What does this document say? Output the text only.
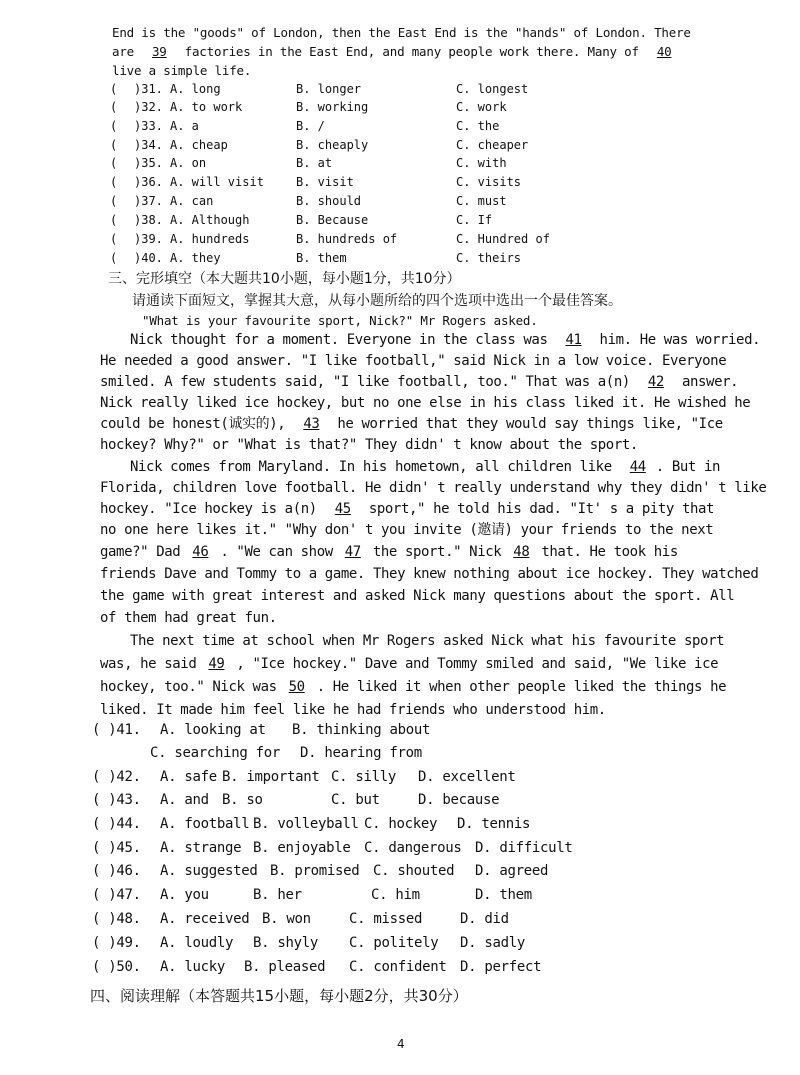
End is the "goods" of London, then the East End is the "hands" of London. There
are 39 factories in the East End, and many people work there. Many of 40
live a simple life.
( )31. A. long	B. longer	C. longest
( )32. A. to work	B. working	C. work
( )33. A. a	B. /	C. the
( )34. A. cheap	B. cheaply	C. cheaper
( )35. A. on	B. at	C. with
( )36. A. will visit	B. visit	C. visits
( )37. A. can	B. should	C. must
( )38. A. Although	B. Because	C. If
( )39. A. hundreds	B. hundreds of	C. Hundred of
( )40. A. they	B. them	C. theirs
三、完形填空（本大题共10小题，每小题1分，共10分）
请通读下面短文，掌握其大意，从每小题所给的四个选项中选出一个最佳答案。
"What is your favourite sport, Nick?" Mr Rogers asked.
Nick thought for a moment. Everyone in the class was 41 him. He was worried.
He needed a good answer. "I like football," said Nick in a low voice. Everyone
smiled. A few students said, "I like football, too." That was a(n) 42 answer.
Nick really liked ice hockey, but no one else in his class liked it. He wished he
could be honest(诚实的), 43 he worried that they would say things like, "Ice
hockey? Why?" or "What is that?" They didn' t know about the sport.
Nick comes from Maryland. In his hometown, all children like 44 . But in
Florida, children love football. He didn' t really understand why they didn' t like
hockey. "Ice hockey is a(n) 45 sport," he told his dad. "It' s a pity that
no one here likes it." "Why don' t you invite (邀请) your friends to the next
game?" Dad 46 . "We can show 47 the sport." Nick 48 that. He took his
friends Dave and Tommy to a game. They knew nothing about ice hockey. They watched
the game with great interest and asked Nick many questions about the sport. All
of them had great fun.
The next time at school when Mr Rogers asked Nick what his favourite sport
was, he said 49 , "Ice hockey." Dave and Tommy smiled and said, "We like ice
hockey, too." Nick was 50 . He liked it when other people liked the things he
liked. It made him feel like he had friends who understood him.
( )41. A. looking at B. thinking about
C. searching for D. hearing from
( )42. A. safe B. important C. silly D. excellent
( )43. A. and B. so	C. but	D. because
( )44. A. football B. volleyball C. hockey D. tennis
( )45. A. strange B. enjoyable C. dangerous D. difficult
( )46. A. suggested B. promised C. shouted D. agreed
( )47. A. you	B. her	C. him	D. them
( )48. A. received B. won	C. missed	D. did
( )49. A. loudly B. shyly C. politely D. sadly
( )50. A. lucky B. pleased C. confident D. perfect
四、阅读理解（本答题共15小题，每小题2分，共30分）
4
